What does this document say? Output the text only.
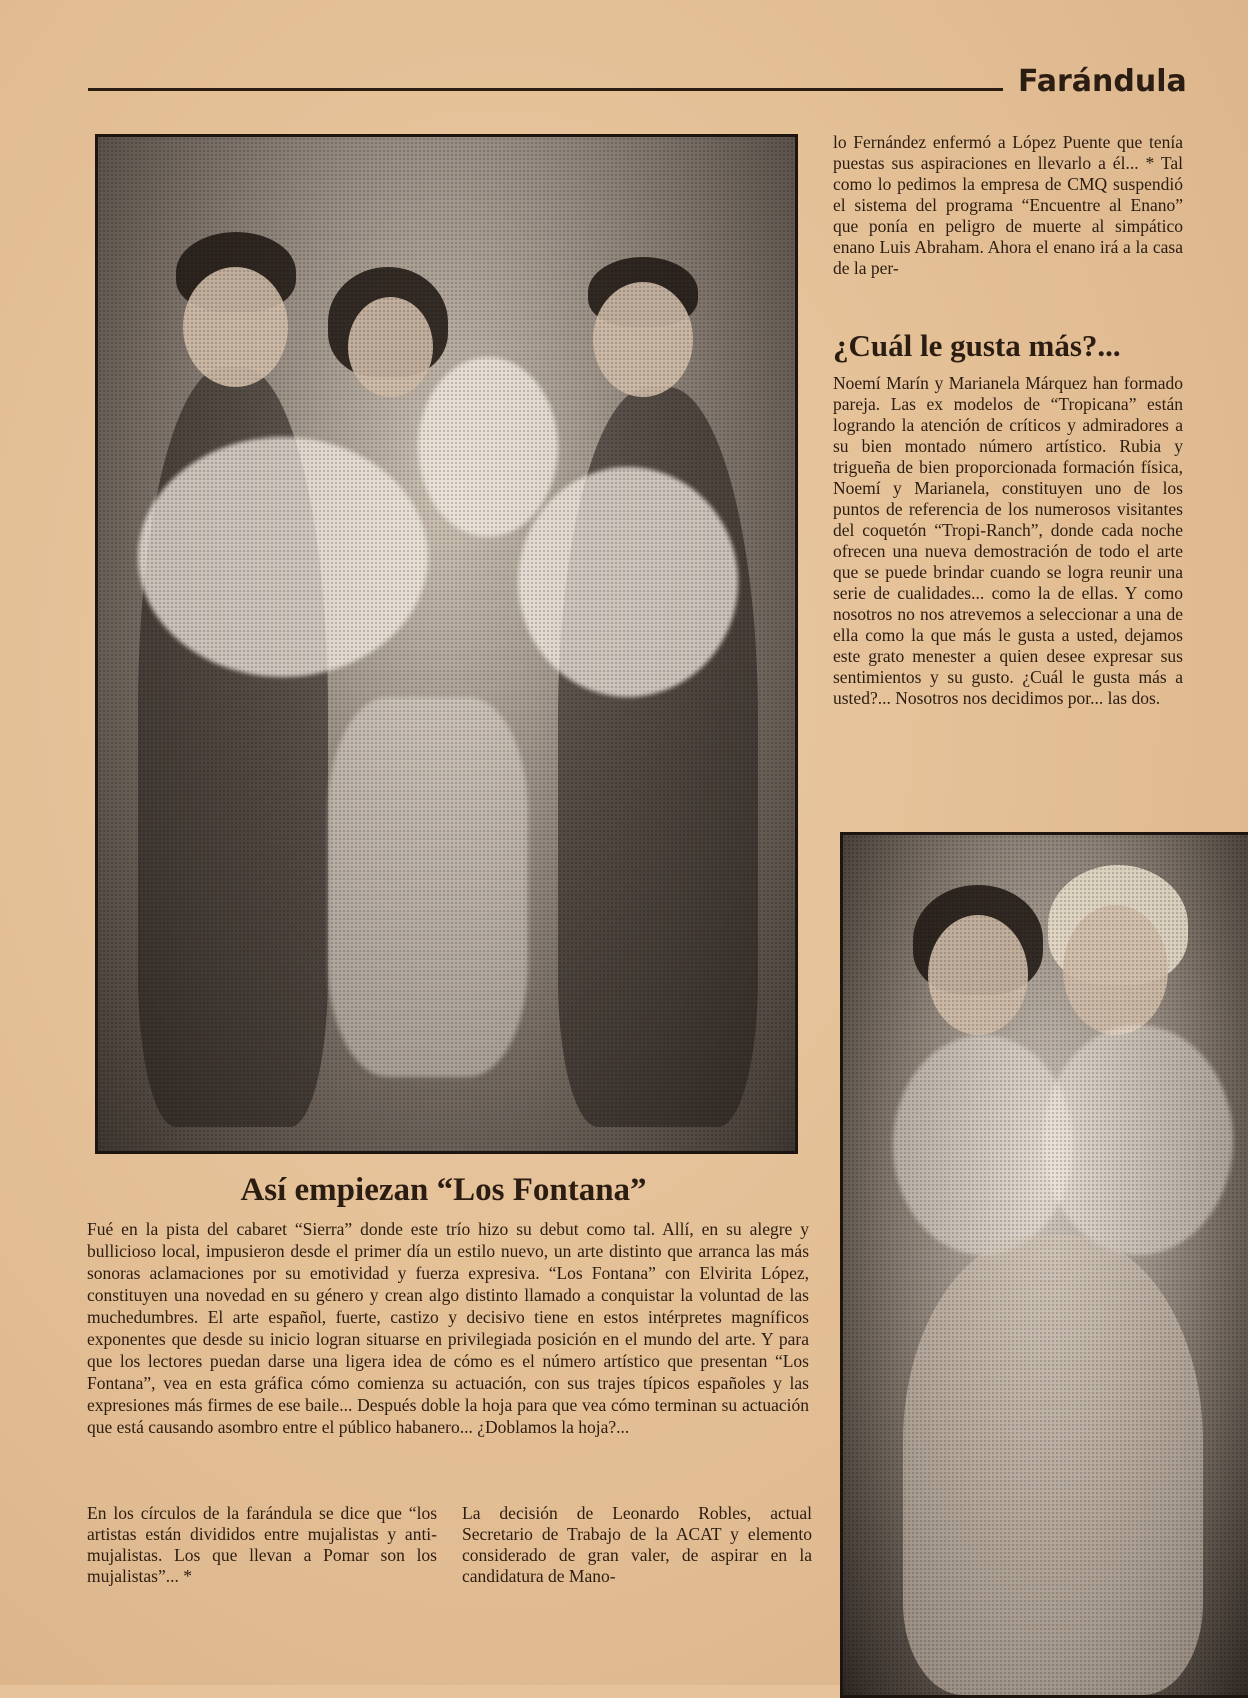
Farándula

lo Fernández enfermó a López Puente que tenía puestas sus aspiraciones en llevarlo a él... * Tal como lo pedimos la empresa de CMQ suspendió el sistema del programa “Encuentre al Enano” que ponía en peligro de muerte al simpático enano Luis Abraham. Ahora el enano irá a la casa de la per-

¿Cuál le gusta más?...

Noemí Marín y Marianela Márquez han formado pareja. Las ex modelos de “Tropicana” están logrando la atención de críticos y admiradores a su bien montado número artístico. Rubia y trigueña de bien proporcionada formación física, Noemí y Marianela, constituyen uno de los puntos de referencia de los numerosos visitantes del coquetón “Tropi-Ranch”, donde cada noche ofrecen una nueva demostración de todo el arte que se puede brindar cuando se logra reunir una serie de cualidades... como la de ellas. Y como nosotros no nos atrevemos a seleccionar a una de ella como la que más le gusta a usted, dejamos este grato menester a quien desee expresar sus sentimientos y su gusto. ¿Cuál le gusta más a usted?... Nosotros nos decidimos por... las dos.

Así empiezan “Los Fontana”

Fué en la pista del cabaret “Sierra” donde este trío hizo su debut como tal. Allí, en su alegre y bullicioso local, impusieron desde el primer día un estilo nuevo, un arte distinto que arranca las más sonoras aclamaciones por su emotividad y fuerza expresiva. “Los Fontana” con Elvirita López, constituyen una novedad en su género y crean algo distinto llamado a conquistar la voluntad de las muchedumbres. El arte español, fuerte, castizo y decisivo tiene en estos intérpretes magníficos exponentes que desde su inicio logran situarse en privilegiada posición en el mundo del arte. Y para que los lectores puedan darse una ligera idea de cómo es el número artístico que presentan “Los Fontana”, vea en esta gráfica cómo comienza su actuación, con sus trajes típicos españoles y las expresiones más firmes de ese baile... Después doble la hoja para que vea cómo terminan su actuación que está causando asombro entre el público habanero... ¿Doblamos la hoja?...

En los círculos de la farándula se dice que “los artistas están divididos entre mujalistas y anti-mujalistas. Los que llevan a Pomar son los mujalistas”... *

La decisión de Leonardo Robles, actual Secretario de Trabajo de la ACAT y elemento considerado de gran valer, de aspirar en la candidatura de Mano-
